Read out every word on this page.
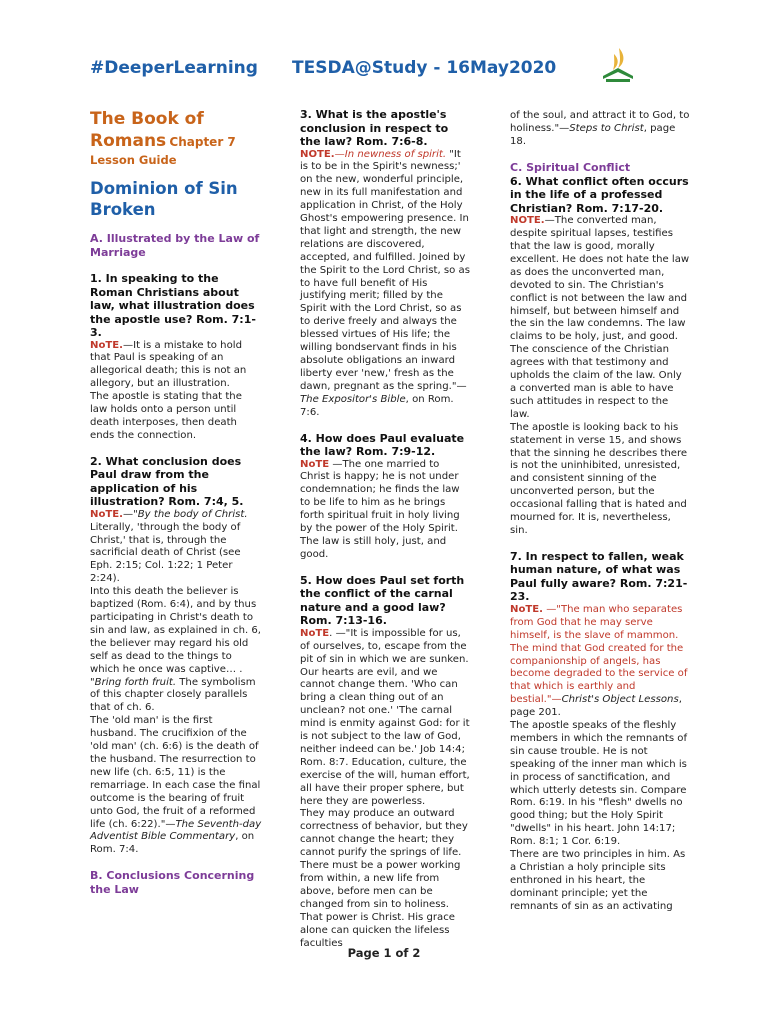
#DeeperLearning TESDA@Study - 16May2020
The Book of
Romans Chapter 7
Lesson Guide
Dominion of Sin Broken

A. Illustrated by the Law of Marriage

1. In speaking to the Roman Christians about law, what illustration does the apostle use? Rom. 7:1-3.

NoTE.—It is a mistake to hold that Paul is speaking of an allegorical death; this is not an allegory, but an illustration.

The apostle is stating that the law holds onto a person until death interposes, then death ends the connection.

2. What conclusion does Paul draw from the application of his illustration? Rom. 7:4, 5.

NoTE.—"By the body of Christ. Literally, 'through the body of Christ,' that is, through the sacrificial death of Christ (see Eph. 2:15; Col. 1:22; 1 Peter 2:24).

Into this death the believer is baptized (Rom. 6:4), and by thus participating in Christ's death to sin and law, as explained in ch. 6, the believer may regard his old self as dead to the things to which he once was captive… .

"Bring forth fruit. The symbolism of this chapter closely parallels that of ch. 6.

The 'old man' is the first husband. The crucifixion of the 'old man' (ch. 6:6) is the death of the husband. The resurrection to new life (ch. 6:5, 11) is the remarriage. In each case the final outcome is the bearing of fruit unto God, the fruit of a reformed life (ch. 6:22)."—The Seventh-day Adventist Bible Commentary, on Rom. 7:4.

B. Conclusions Concerning the Law

3. What is the apostle's conclusion in respect to the law? Rom. 7:6-8.

NOTE.—In newness of spirit. "It is to be in the Spirit's newness;' on the new, wonderful principle, new in its full manifestation and application in Christ, of the Holy Ghost's empowering presence. In that light and strength, the new relations are discovered, accepted, and fulfilled. Joined by the Spirit to the Lord Christ, so as to have full benefit of His justifying merit; filled by the Spirit with the Lord Christ, so as to derive freely and always the blessed virtues of His life; the willing bondservant finds in his absolute obligations an inward liberty ever 'new,' fresh as the dawn, pregnant as the spring."—The Expositor's Bible, on Rom. 7:6.

4. How does Paul evaluate the law? Rom. 7:9-12.

NoTE —The one married to Christ is happy; he is not under condemnation; he finds the law to be life to him as he brings forth spiritual fruit in holy living by the power of the Holy Spirit. The law is still holy, just, and good.

5. How does Paul set forth the conflict of the carnal nature and a good law? Rom. 7:13-16.

NoTE. —"It is impossible for us, of ourselves, to, escape from the pit of sin in which we are sunken. Our hearts are evil, and we cannot change them. 'Who can bring a clean thing out of an unclean? not one.' 'The carnal mind is enmity against God: for it is not subject to the law of God, neither indeed can be.' Job 14:4; Rom. 8:7. Education, culture, the exercise of the will, human effort, all have their proper sphere, but here they are powerless.

They may produce an outward correctness of behavior, but they cannot change the heart; they cannot purify the springs of life. There must be a power working from within, a new life from above, before men can be changed from sin to holiness. That power is Christ. His grace alone can quicken the lifeless faculties

of the soul, and attract it to God, to holiness."—Steps to Christ, page 18.

C. Spiritual Conflict

6. What conflict often occurs in the life of a professed Christian? Rom. 7:17-20.

NOTE.—The converted man, despite spiritual lapses, testifies that the law is good, morally excellent. He does not hate the law as does the unconverted man, devoted to sin. The Christian's conflict is not between the law and himself, but between himself and the sin the law condemns. The law claims to be holy, just, and good. The conscience of the Christian agrees with that testimony and upholds the claim of the law. Only a converted man is able to have such attitudes in respect to the law.

The apostle is looking back to his statement in verse 15, and shows that the sinning he describes there is not the uninhibited, unresisted, and consistent sinning of the unconverted person, but the occasional falling that is hated and mourned for. It is, nevertheless, sin.

7. In respect to fallen, weak human nature, of what was Paul fully aware? Rom. 7:21-23.

NoTE. —"The man who separates from God that he may serve himself, is the slave of mammon. The mind that God created for the companionship of angels, has become degraded to the service of that which is earthly and bestial."—Christ's Object Lessons, page 201.

The apostle speaks of the fleshly members in which the remnants of sin cause trouble. He is not speaking of the inner man which is in process of sanctification, and which utterly detests sin. Compare Rom. 6:19. In his "flesh" dwells no good thing; but the Holy Spirit "dwells" in his heart. John 14:17; Rom. 8:1; 1 Cor. 6:19.

There are two principles in him. As a Christian a holy principle sits enthroned in his heart, the dominant principle; yet the remnants of sin as an activating

Page 1 of 2
